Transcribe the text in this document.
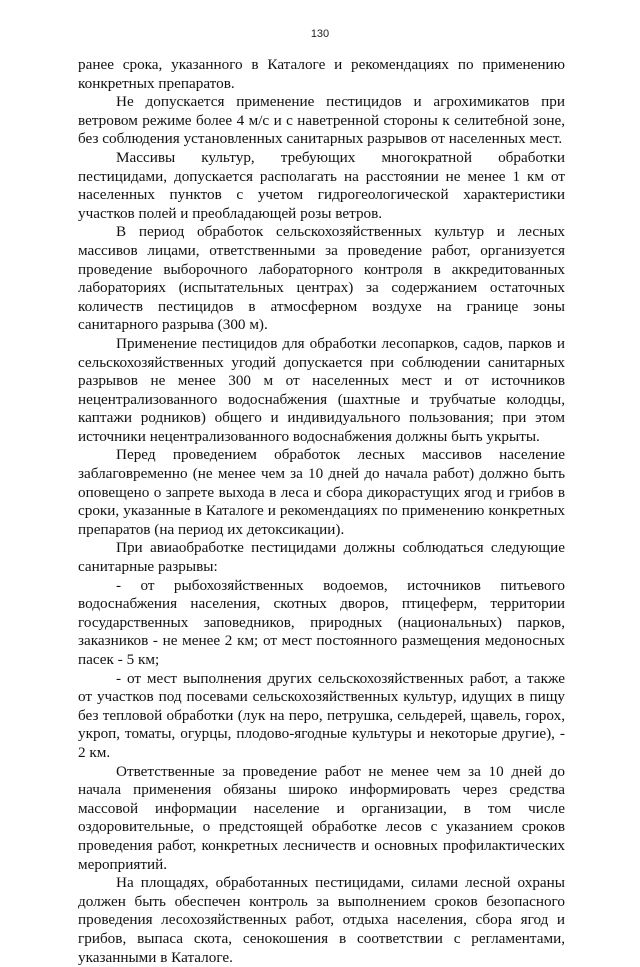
130

ранее срока, указанного в Каталоге и рекомендациях по применению конкретных препаратов.

Не допускается применение пестицидов и агрохимикатов при ветровом режиме более 4 м/с и с наветренной стороны к селитебной зоне, без соблюдения установленных санитарных разрывов от населенных мест.

Массивы культур, требующих многократной обработки пестицидами, допускается располагать на расстоянии не менее 1 км от населенных пунктов с учетом гидрогеологической характеристики участков полей и преобладающей розы ветров.

В период обработок сельскохозяйственных культур и лесных массивов лицами, ответственными за проведение работ, организуется проведение выборочного лабораторного контроля в аккредитованных лабораториях (испытательных центрах) за содержанием остаточных количеств пестицидов в атмосферном воздухе на границе зоны санитарного разрыва (300 м).

Применение пестицидов для обработки лесопарков, садов, парков и сельскохозяйственных угодий допускается при соблюдении санитарных разрывов не менее 300 м от населенных мест и от источников нецентрализованного водоснабжения (шахтные и трубчатые колодцы, каптажи родников) общего и индивидуального пользования; при этом источники нецентрализованного водоснабжения должны быть укрыты.

Перед проведением обработок лесных массивов население заблаговременно (не менее чем за 10 дней до начала работ) должно быть оповещено о запрете выхода в леса и сбора дикорастущих ягод и грибов в сроки, указанные в Каталоге и рекомендациях по применению конкретных препаратов (на период их детоксикации).

При авиаобработке пестицидами должны соблюдаться следующие санитарные разрывы:

- от рыбохозяйственных водоемов, источников питьевого водоснабжения населения, скотных дворов, птицеферм, территории государственных заповедников, природных (национальных) парков, заказников - не менее 2 км; от мест постоянного размещения медоносных пасек - 5 км;

- от мест выполнения других сельскохозяйственных работ, а также от участков под посевами сельскохозяйственных культур, идущих в пищу без тепловой обработки (лук на перо, петрушка, сельдерей, щавель, горох, укроп, томаты, огурцы, плодово-ягодные культуры и некоторые другие), - 2 км.

Ответственные за проведение работ не менее чем за 10 дней до начала применения обязаны широко информировать через средства массовой информации население и организации, в том числе оздоровительные, о предстоящей обработке лесов с указанием сроков проведения работ, конкретных лесничеств и основных профилактических мероприятий.

На площадях, обработанных пестицидами, силами лесной охраны должен быть обеспечен контроль за выполнением сроков безопасного проведения лесохозяйственных работ, отдыха населения, сбора ягод и грибов, выпаса скота, сенокошения в соответствии с регламентами, указанными в Каталоге.
